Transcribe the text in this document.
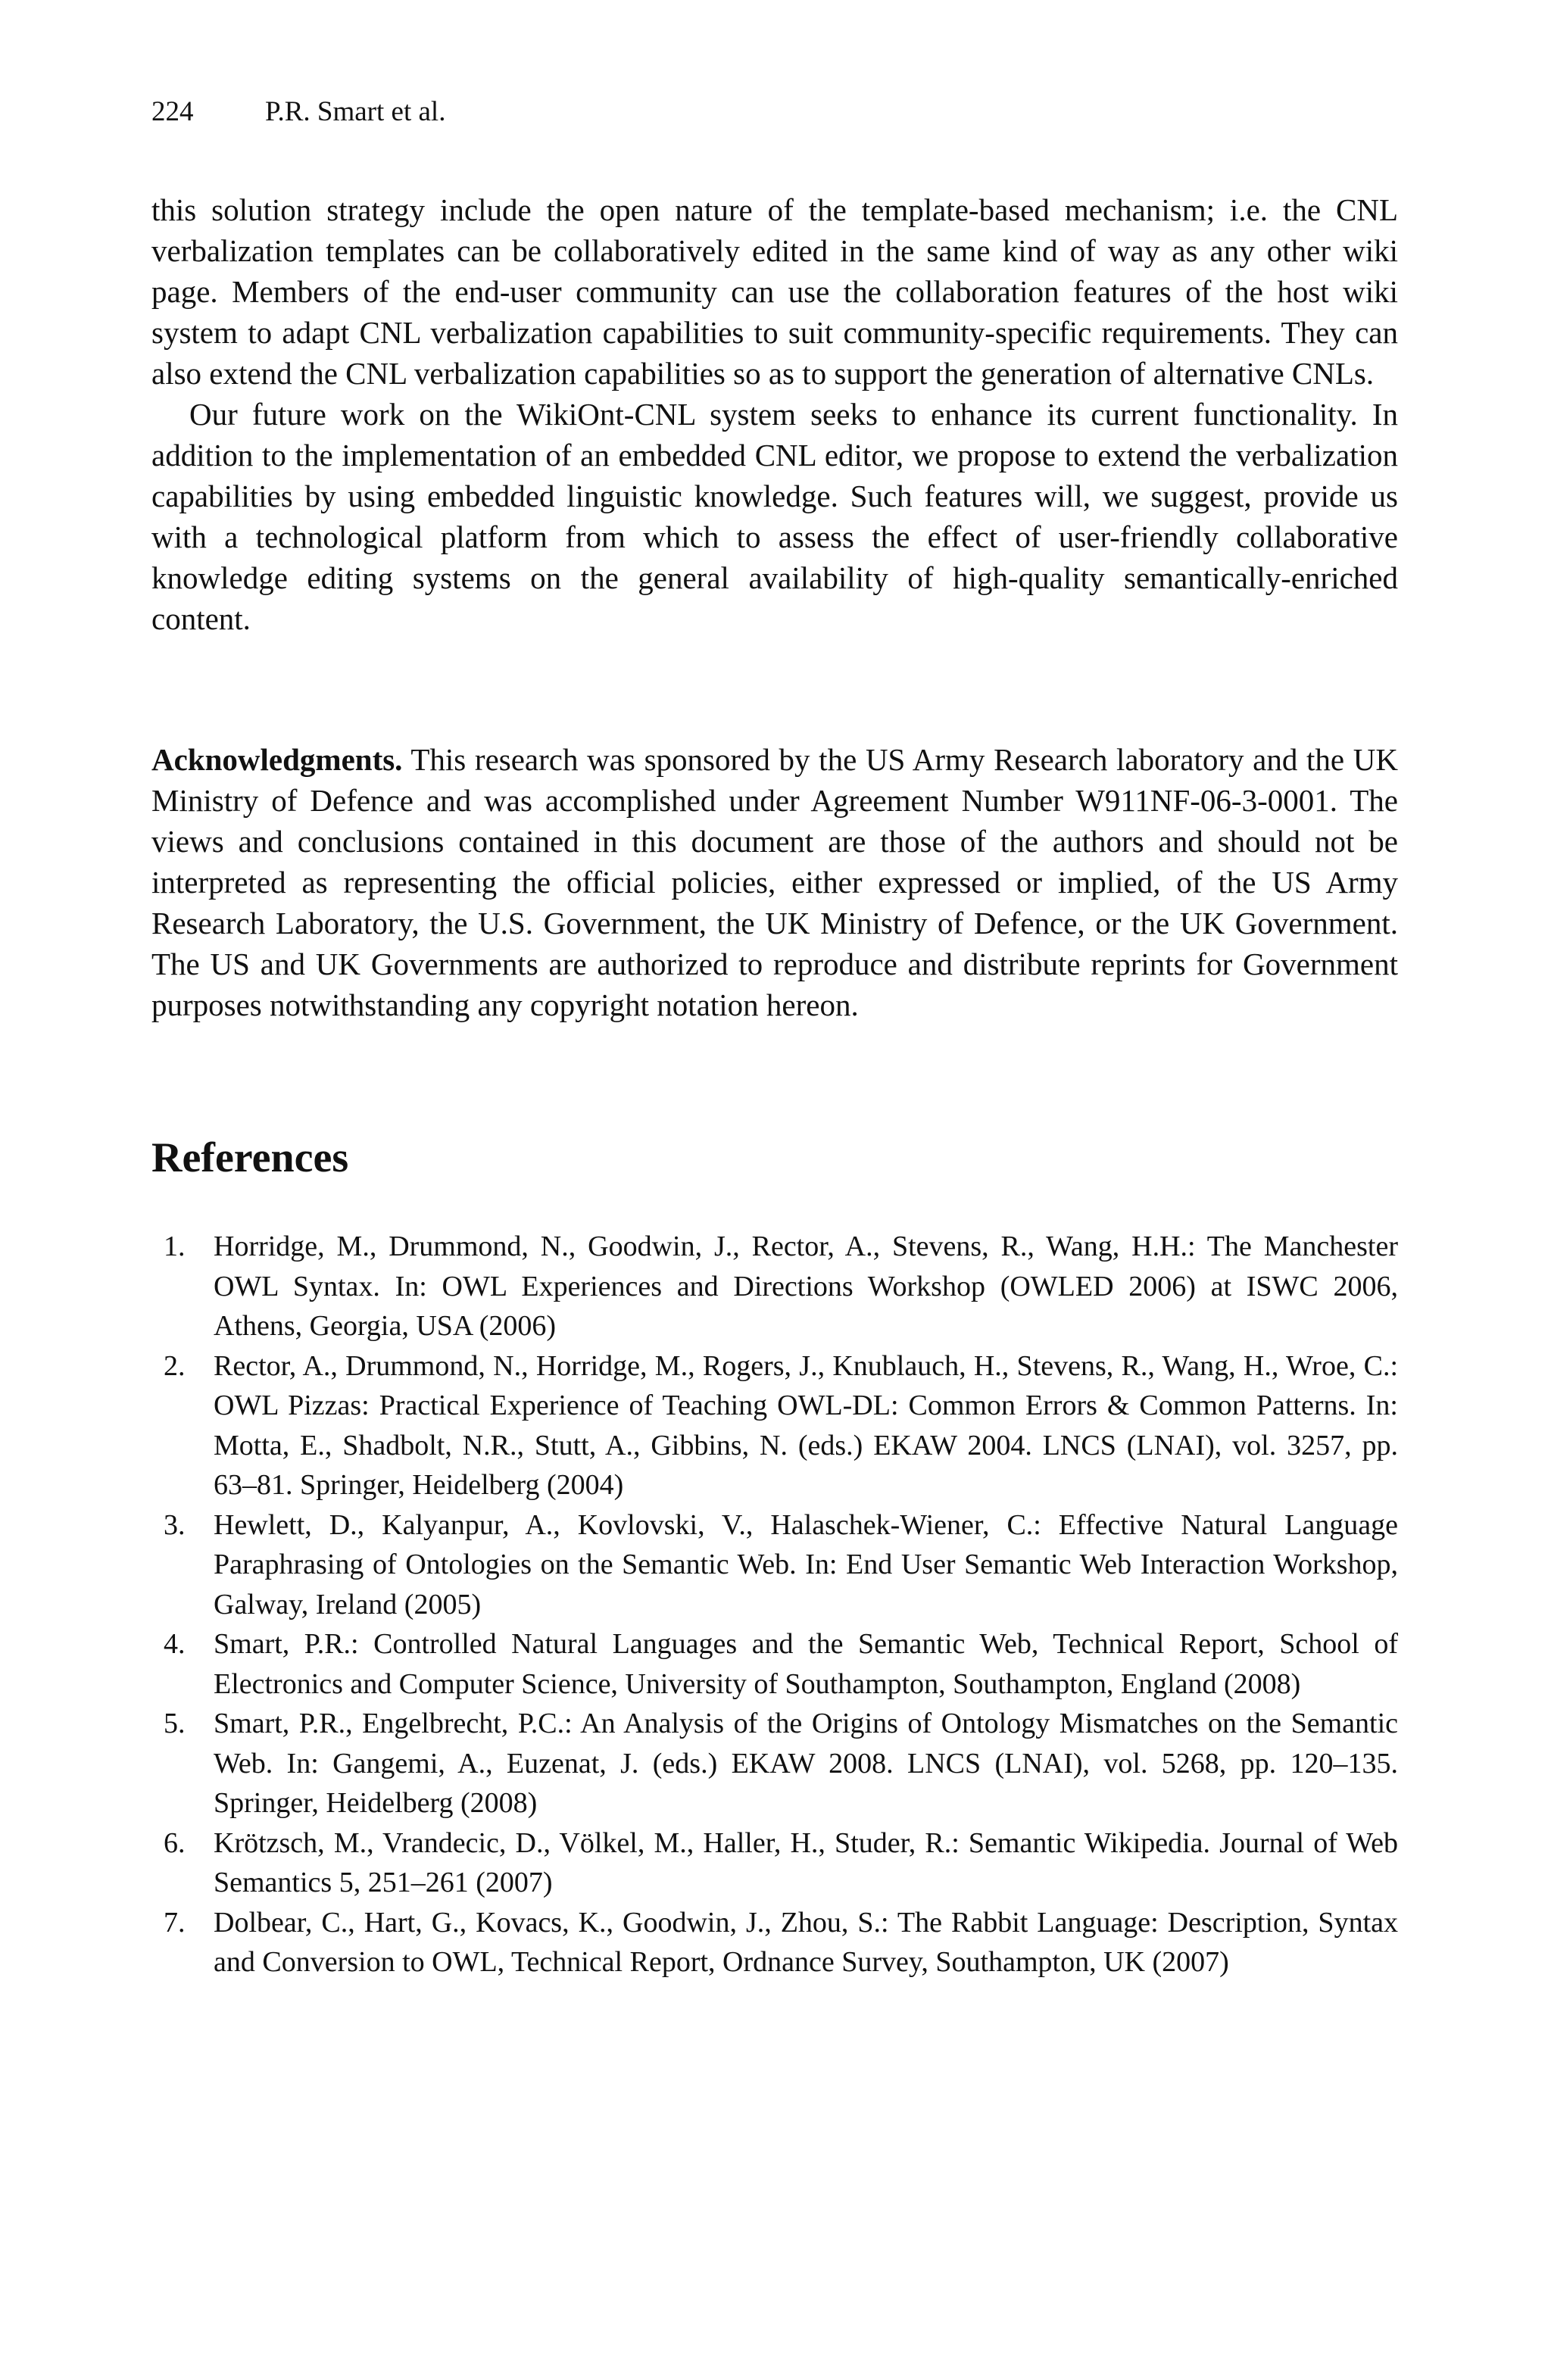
224	P.R. Smart et al.

this solution strategy include the open nature of the template-based mechanism; i.e. the CNL verbalization templates can be collaboratively edited in the same kind of way as any other wiki page. Members of the end-user community can use the collaboration features of the host wiki system to adapt CNL verbalization capabilities to suit community-specific requirements. They can also extend the CNL verbalization capabilities so as to support the generation of alternative CNLs.

Our future work on the WikiOnt-CNL system seeks to enhance its current functionality. In addition to the implementation of an embedded CNL editor, we propose to extend the verbalization capabilities by using embedded linguistic knowledge. Such features will, we suggest, provide us with a technological platform from which to assess the effect of user-friendly collaborative knowledge editing systems on the general availability of high-quality semantically-enriched content.

Acknowledgments. This research was sponsored by the US Army Research laboratory and the UK Ministry of Defence and was accomplished under Agreement Number W911NF-06-3-0001. The views and conclusions contained in this document are those of the authors and should not be interpreted as representing the official policies, either expressed or implied, of the US Army Research Laboratory, the U.S. Government, the UK Ministry of Defence, or the UK Government. The US and UK Governments are authorized to reproduce and distribute reprints for Government purposes notwithstanding any copyright notation hereon.

References
1. Horridge, M., Drummond, N., Goodwin, J., Rector, A., Stevens, R., Wang, H.H.: The Manchester OWL Syntax. In: OWL Experiences and Directions Workshop (OWLED 2006) at ISWC 2006, Athens, Georgia, USA (2006)
2. Rector, A., Drummond, N., Horridge, M., Rogers, J., Knublauch, H., Stevens, R., Wang, H., Wroe, C.: OWL Pizzas: Practical Experience of Teaching OWL-DL: Common Errors & Common Patterns. In: Motta, E., Shadbolt, N.R., Stutt, A., Gibbins, N. (eds.) EKAW 2004. LNCS (LNAI), vol. 3257, pp. 63–81. Springer, Heidelberg (2004)
3. Hewlett, D., Kalyanpur, A., Kovlovski, V., Halaschek-Wiener, C.: Effective Natural Language Paraphrasing of Ontologies on the Semantic Web. In: End User Semantic Web Interaction Workshop, Galway, Ireland (2005)
4. Smart, P.R.: Controlled Natural Languages and the Semantic Web, Technical Report, School of Electronics and Computer Science, University of Southampton, Southampton, England (2008)
5. Smart, P.R., Engelbrecht, P.C.: An Analysis of the Origins of Ontology Mismatches on the Semantic Web. In: Gangemi, A., Euzenat, J. (eds.) EKAW 2008. LNCS (LNAI), vol. 5268, pp. 120–135. Springer, Heidelberg (2008)
6. Krötzsch, M., Vrandecic, D., Völkel, M., Haller, H., Studer, R.: Semantic Wikipedia. Journal of Web Semantics 5, 251–261 (2007)
7. Dolbear, C., Hart, G., Kovacs, K., Goodwin, J., Zhou, S.: The Rabbit Language: Description, Syntax and Conversion to OWL, Technical Report, Ordnance Survey, Southampton, UK (2007)
